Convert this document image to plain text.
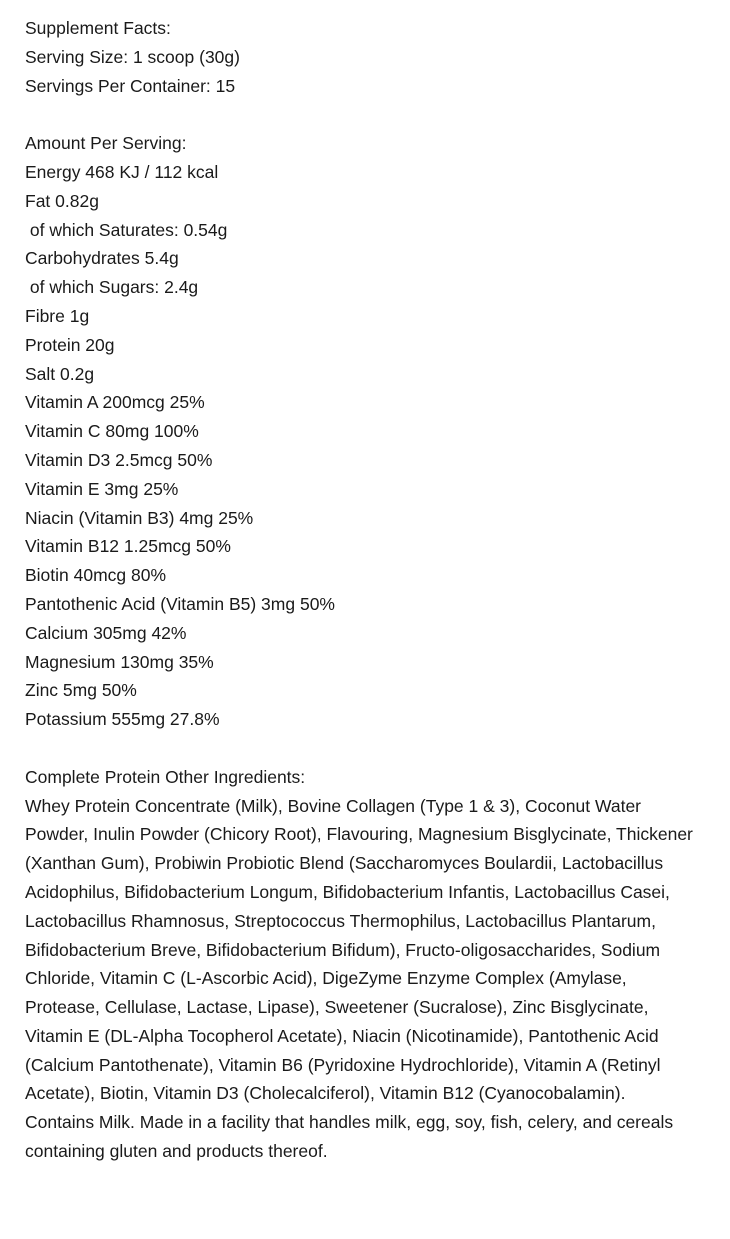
Supplement Facts:
Serving Size: 1 scoop (30g)
Servings Per Container: 15
Amount Per Serving:
Energy 468 KJ / 112 kcal
Fat 0.82g
of which Saturates: 0.54g
Carbohydrates 5.4g
of which Sugars: 2.4g
Fibre 1g
Protein 20g
Salt 0.2g
Vitamin A 200mcg 25%
Vitamin C 80mg 100%
Vitamin D3 2.5mcg 50%
Vitamin E 3mg 25%
Niacin (Vitamin B3) 4mg 25%
Vitamin B12 1.25mcg 50%
Biotin 40mcg 80%
Pantothenic Acid (Vitamin B5) 3mg 50%
Calcium 305mg 42%
Magnesium 130mg 35%
Zinc 5mg 50%
Potassium 555mg 27.8%
Complete Protein Other Ingredients:
Whey Protein Concentrate (Milk), Bovine Collagen (Type 1 & 3), Coconut Water Powder, Inulin Powder (Chicory Root), Flavouring, Magnesium Bisglycinate, Thickener (Xanthan Gum), Probiwin Probiotic Blend (Saccharomyces Boulardii, Lactobacillus Acidophilus, Bifidobacterium Longum, Bifidobacterium Infantis, Lactobacillus Casei, Lactobacillus Rhamnosus, Streptococcus Thermophilus, Lactobacillus Plantarum, Bifidobacterium Breve, Bifidobacterium Bifidum), Fructo-oligosaccharides, Sodium Chloride, Vitamin C (L-Ascorbic Acid), DigeZyme Enzyme Complex (Amylase, Protease, Cellulase, Lactase, Lipase), Sweetener (Sucralose), Zinc Bisglycinate, Vitamin E (DL-Alpha Tocopherol Acetate), Niacin (Nicotinamide), Pantothenic Acid (Calcium Pantothenate), Vitamin B6 (Pyridoxine Hydrochloride), Vitamin A (Retinyl Acetate), Biotin, Vitamin D3 (Cholecalciferol), Vitamin B12 (Cyanocobalamin).
Contains Milk. Made in a facility that handles milk, egg, soy, fish, celery, and cereals containing gluten and products thereof.
